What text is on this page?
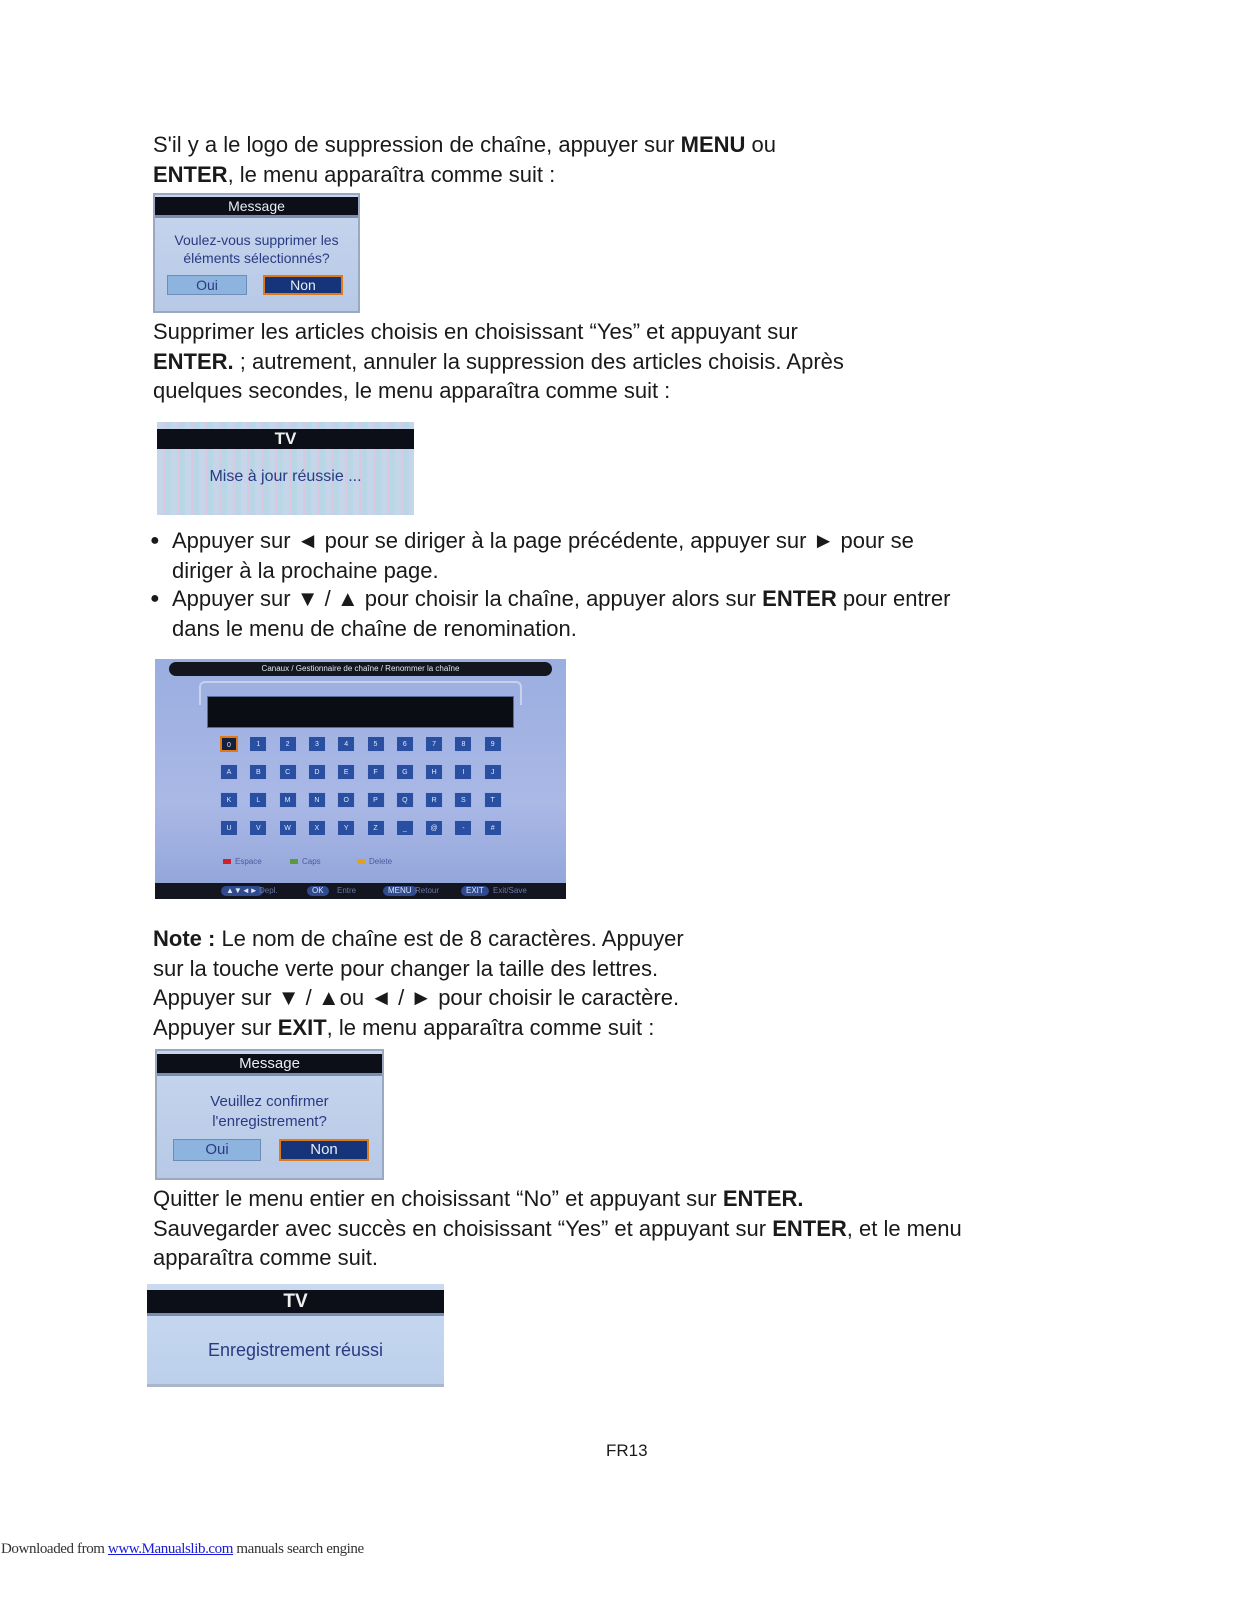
S'il y a le logo de suppression de chaîne, appuyer sur MENU ou
ENTER, le menu apparaîtra comme suit :

Message
Voulez-vous supprimer les
éléments sélectionnés?
Oui	Non

Supprimer les articles choisis en choisissant “Yes” et appuyant sur
ENTER. ; autrement, annuler la suppression des articles choisis. Après
quelques secondes, le menu apparaîtra comme suit :

TV
Mise à jour réussie ...
● Appuyer sur ◄ pour se diriger à la page précédente, appuyer sur ► pour se
diriger à la prochaine page.
● Appuyer sur ▼ / ▲ pour choisir la chaîne, appuyer alors sur ENTER pour entrer
dans le menu de chaîne de renomination.
Canaux / Gestionnaire de chaîne / Renommer la chaîne
0	1	2	3	4	5	6	7	8	9
A	B	C	D	E	F	G	H	I	J
K	L	M	N	O	P	Q	R	S	T
U	V	W	X	Y	Z	_	@	-	#
Espace	Caps	Delete
▲▼◄► Depl.	OK	Entre	MENU Retour	EXIT	Exit/Save

Note : Le nom de chaîne est de 8 caractères. Appuyer
sur la touche verte pour changer la taille des lettres.
Appuyer sur ▼ / ▲ou ◄ / ► pour choisir le caractère.
Appuyer sur EXIT, le menu apparaîtra comme suit :

Message
Veuillez confirmer
l'enregistrement?
Oui	Non

Quitter le menu entier en choisissant “No” et appuyant sur ENTER.
Sauvegarder avec succès en choisissant “Yes” et appuyant sur ENTER, et le menu
apparaîtra comme suit.

TV
Enregistrement réussi
FR13
Downloaded from www.Manualslib.com manuals search engine
